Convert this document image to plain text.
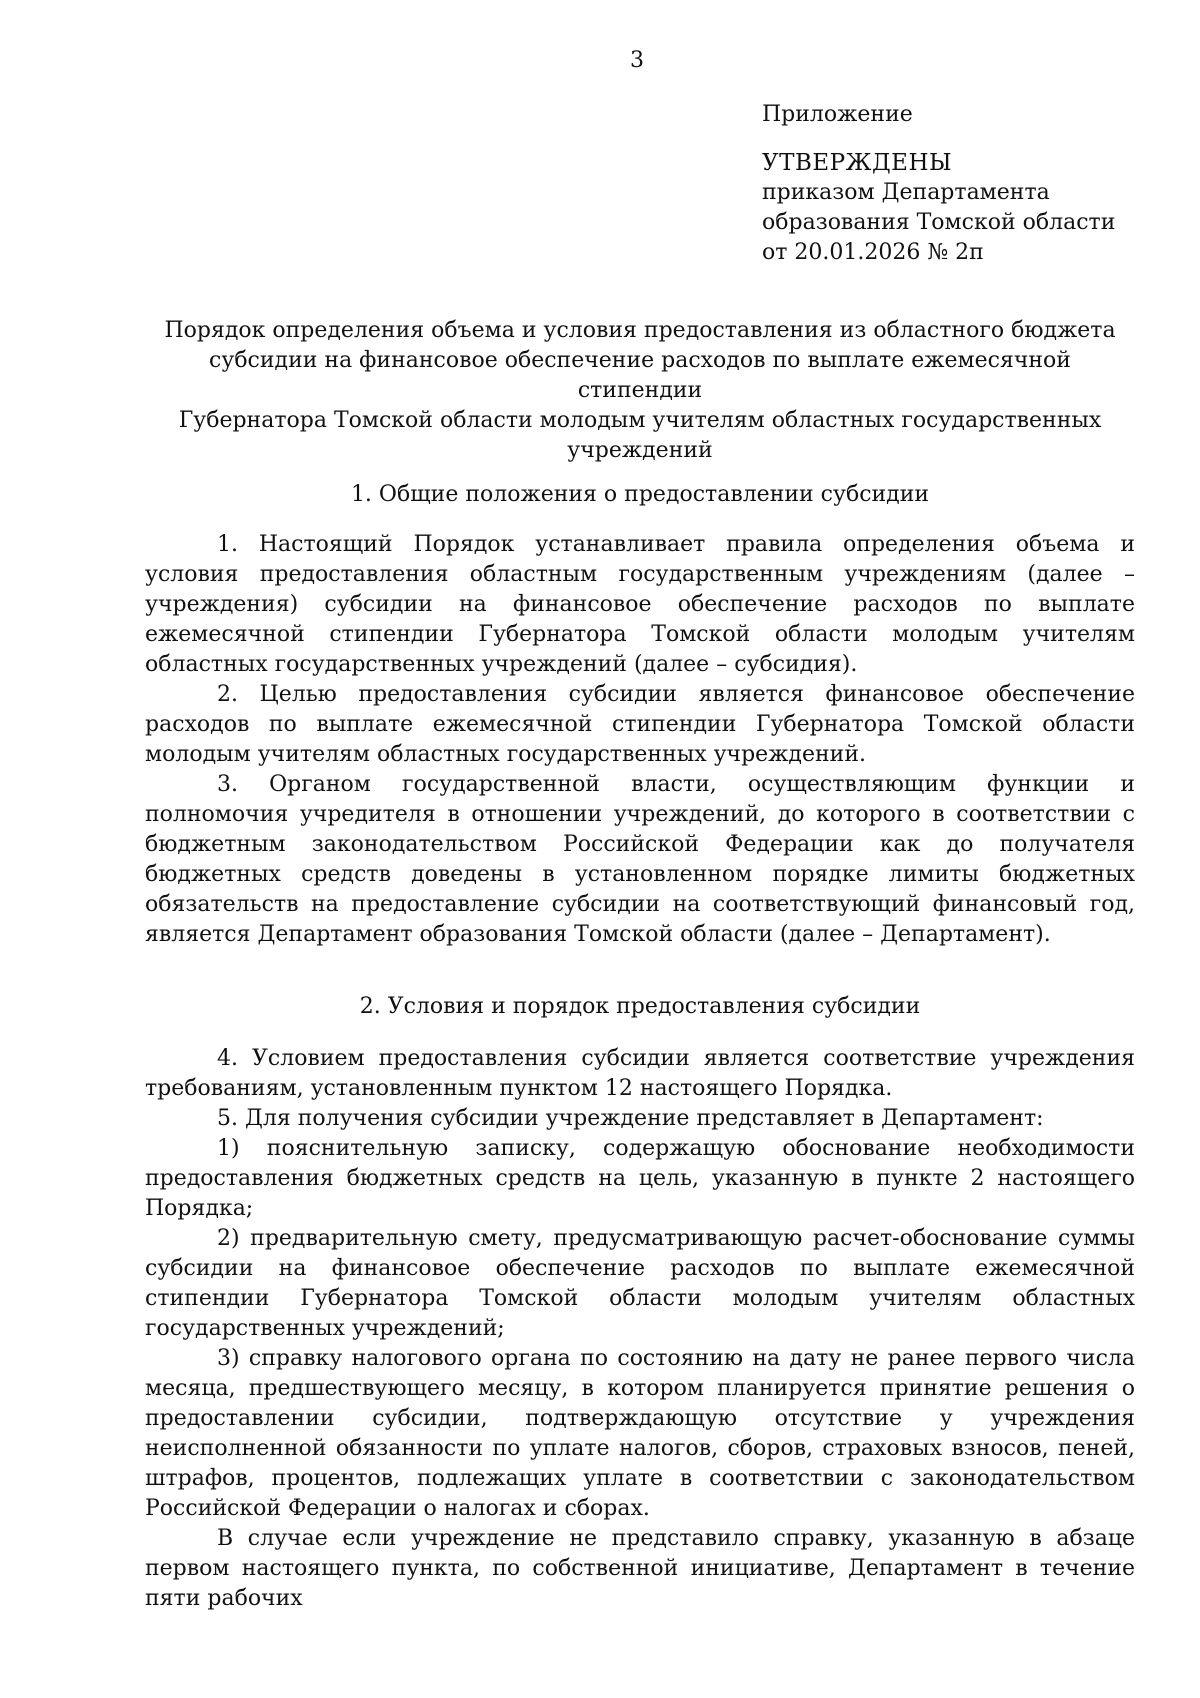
3
Приложение
УТВЕРЖДЕНЫ
приказом Департамента
образования Томской области
от 20.01.2026 № 2п
Порядок определения объема и условия предоставления из областного бюджета
субсидии на финансовое обеспечение расходов по выплате ежемесячной стипендии
Губернатора Томской области молодым учителям областных государственных
учреждений
1. Общие положения о предоставлении субсидии

1. Настоящий Порядок устанавливает правила определения объема и условия предоставления областным государственным учреждениям (далее – учреждения) субсидии на финансовое обеспечение расходов по выплате ежемесячной стипендии Губернатора Томской области молодым учителям областных государственных учреждений (далее – субсидия).

2. Целью предоставления субсидии является финансовое обеспечение расходов по выплате ежемесячной стипендии Губернатора Томской области молодым учителям областных государственных учреждений.

3. Органом государственной власти, осуществляющим функции и полномочия учредителя в отношении учреждений, до которого в соответствии с бюджетным законодательством Российской Федерации как до получателя бюджетных средств доведены в установленном порядке лимиты бюджетных обязательств на предоставление субсидии на соответствующий финансовый год, является Департамент образования Томской области (далее – Департамент).

2. Условия и порядок предоставления субсидии

4. Условием предоставления субсидии является соответствие учреждения требованиям, установленным пунктом 12 настоящего Порядка.

5. Для получения субсидии учреждение представляет в Департамент:

1) пояснительную записку, содержащую обоснование необходимости предоставления бюджетных средств на цель, указанную в пункте 2 настоящего Порядка;

2) предварительную смету, предусматривающую расчет-обоснование суммы субсидии на финансовое обеспечение расходов по выплате ежемесячной стипендии Губернатора Томской области молодым учителям областных государственных учреждений;

3) справку налогового органа по состоянию на дату не ранее первого числа месяца, предшествующего месяцу, в котором планируется принятие решения о предоставлении субсидии, подтверждающую отсутствие у учреждения неисполненной обязанности по уплате налогов, сборов, страховых взносов, пеней, штрафов, процентов, подлежащих уплате в соответствии с законодательством Российской Федерации о налогах и сборах.

В случае если учреждение не представило справку, указанную в абзаце первом настоящего пункта, по собственной инициативе, Департамент в течение пяти рабочих
